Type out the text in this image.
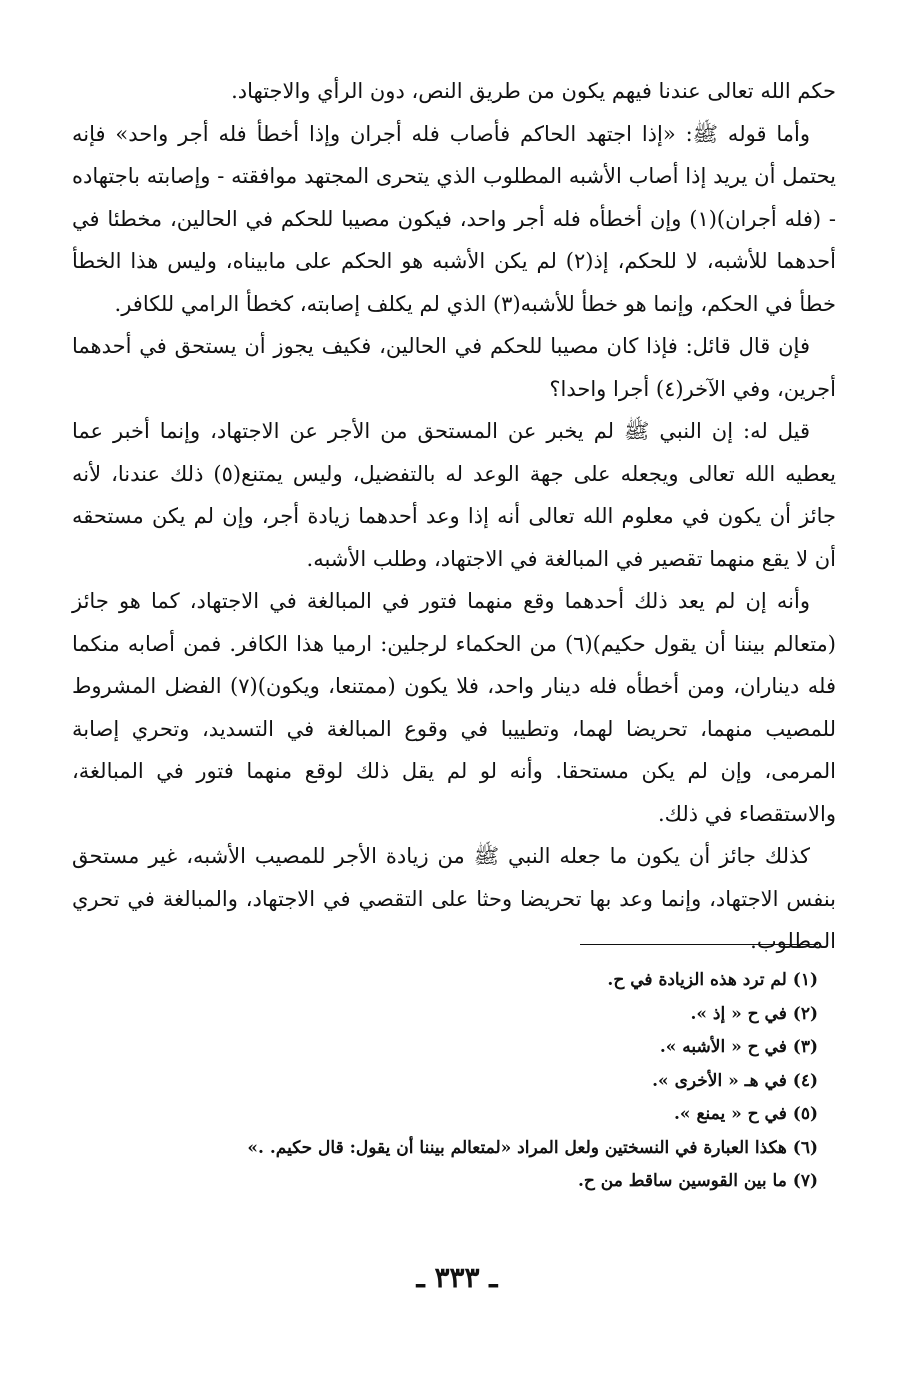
حكم الله تعالى عندنا فيهم يكون من طريق النص، دون الرأي والاجتهاد.

وأما قوله ﷺ: «إذا اجتهد الحاكم فأصاب فله أجران وإذا أخطأ فله أجر واحد» فإنه يحتمل أن يريد إذا أصاب الأشبه المطلوب الذي يتحرى المجتهد موافقته - وإصابته باجتهاده - (فله أجران)(١) وإن أخطأه فله أجر واحد، فيكون مصيبا للحكم في الحالين، مخطئا في أحدهما للأشبه، لا للحكم، إذ(٢) لم يكن الأشبه هو الحكم على مابيناه، وليس هذا الخطأ خطأ في الحكم، وإنما هو خطأ للأشبه(٣) الذي لم يكلف إصابته، كخطأ الرامي للكافر.

فإن قال قائل: فإذا كان مصيبا للحكم في الحالين، فكيف يجوز أن يستحق في أحدهما أجرين، وفي الآخر(٤) أجرا واحدا؟

قيل له: إن النبي ﷺ لم يخبر عن المستحق من الأجر عن الاجتهاد، وإنما أخبر عما يعطيه الله تعالى ويجعله على جهة الوعد له بالتفضيل، وليس يمتنع(٥) ذلك عندنا، لأنه جائز أن يكون في معلوم الله تعالى أنه إذا وعد أحدهما زيادة أجر، وإن لم يكن مستحقه أن لا يقع منهما تقصير في المبالغة في الاجتهاد، وطلب الأشبه.

وأنه إن لم يعد ذلك أحدهما وقع منهما فتور في المبالغة في الاجتهاد، كما هو جائز (متعالم بيننا أن يقول حكيم)(٦) من الحكماء لرجلين: ارميا هذا الكافر. فمن أصابه منكما فله ديناران، ومن أخطأه فله دينار واحد، فلا يكون (ممتنعا، ويكون)(٧) الفضل المشروط للمصيب منهما، تحريضا لهما، وتطييبا في وقوع المبالغة في التسديد، وتحري إصابة المرمى، وإن لم يكن مستحقا. وأنه لو لم يقل ذلك لوقع منهما فتور في المبالغة، والاستقصاء في ذلك.

كذلك جائز أن يكون ما جعله النبي ﷺ من زيادة الأجر للمصيب الأشبه، غير مستحق بنفس الاجتهاد، وإنما وعد بها تحريضا وحثا على التقصي في الاجتهاد، والمبالغة في تحري المطلوب.

(١) لم ترد هذه الزيادة في ح.

(٢) في ح « إذ ».

(٣) في ح « الأشبه ».

(٤) في هـ « الأخرى ».

(٥) في ح « يمنع ».

(٦) هكذا العبارة في النسختين ولعل المراد «لمتعالم بيننا أن يقول: قال حكيم. .»

(٧) ما بين القوسين ساقط من ح.

ـ ٣٣٣ ـ
